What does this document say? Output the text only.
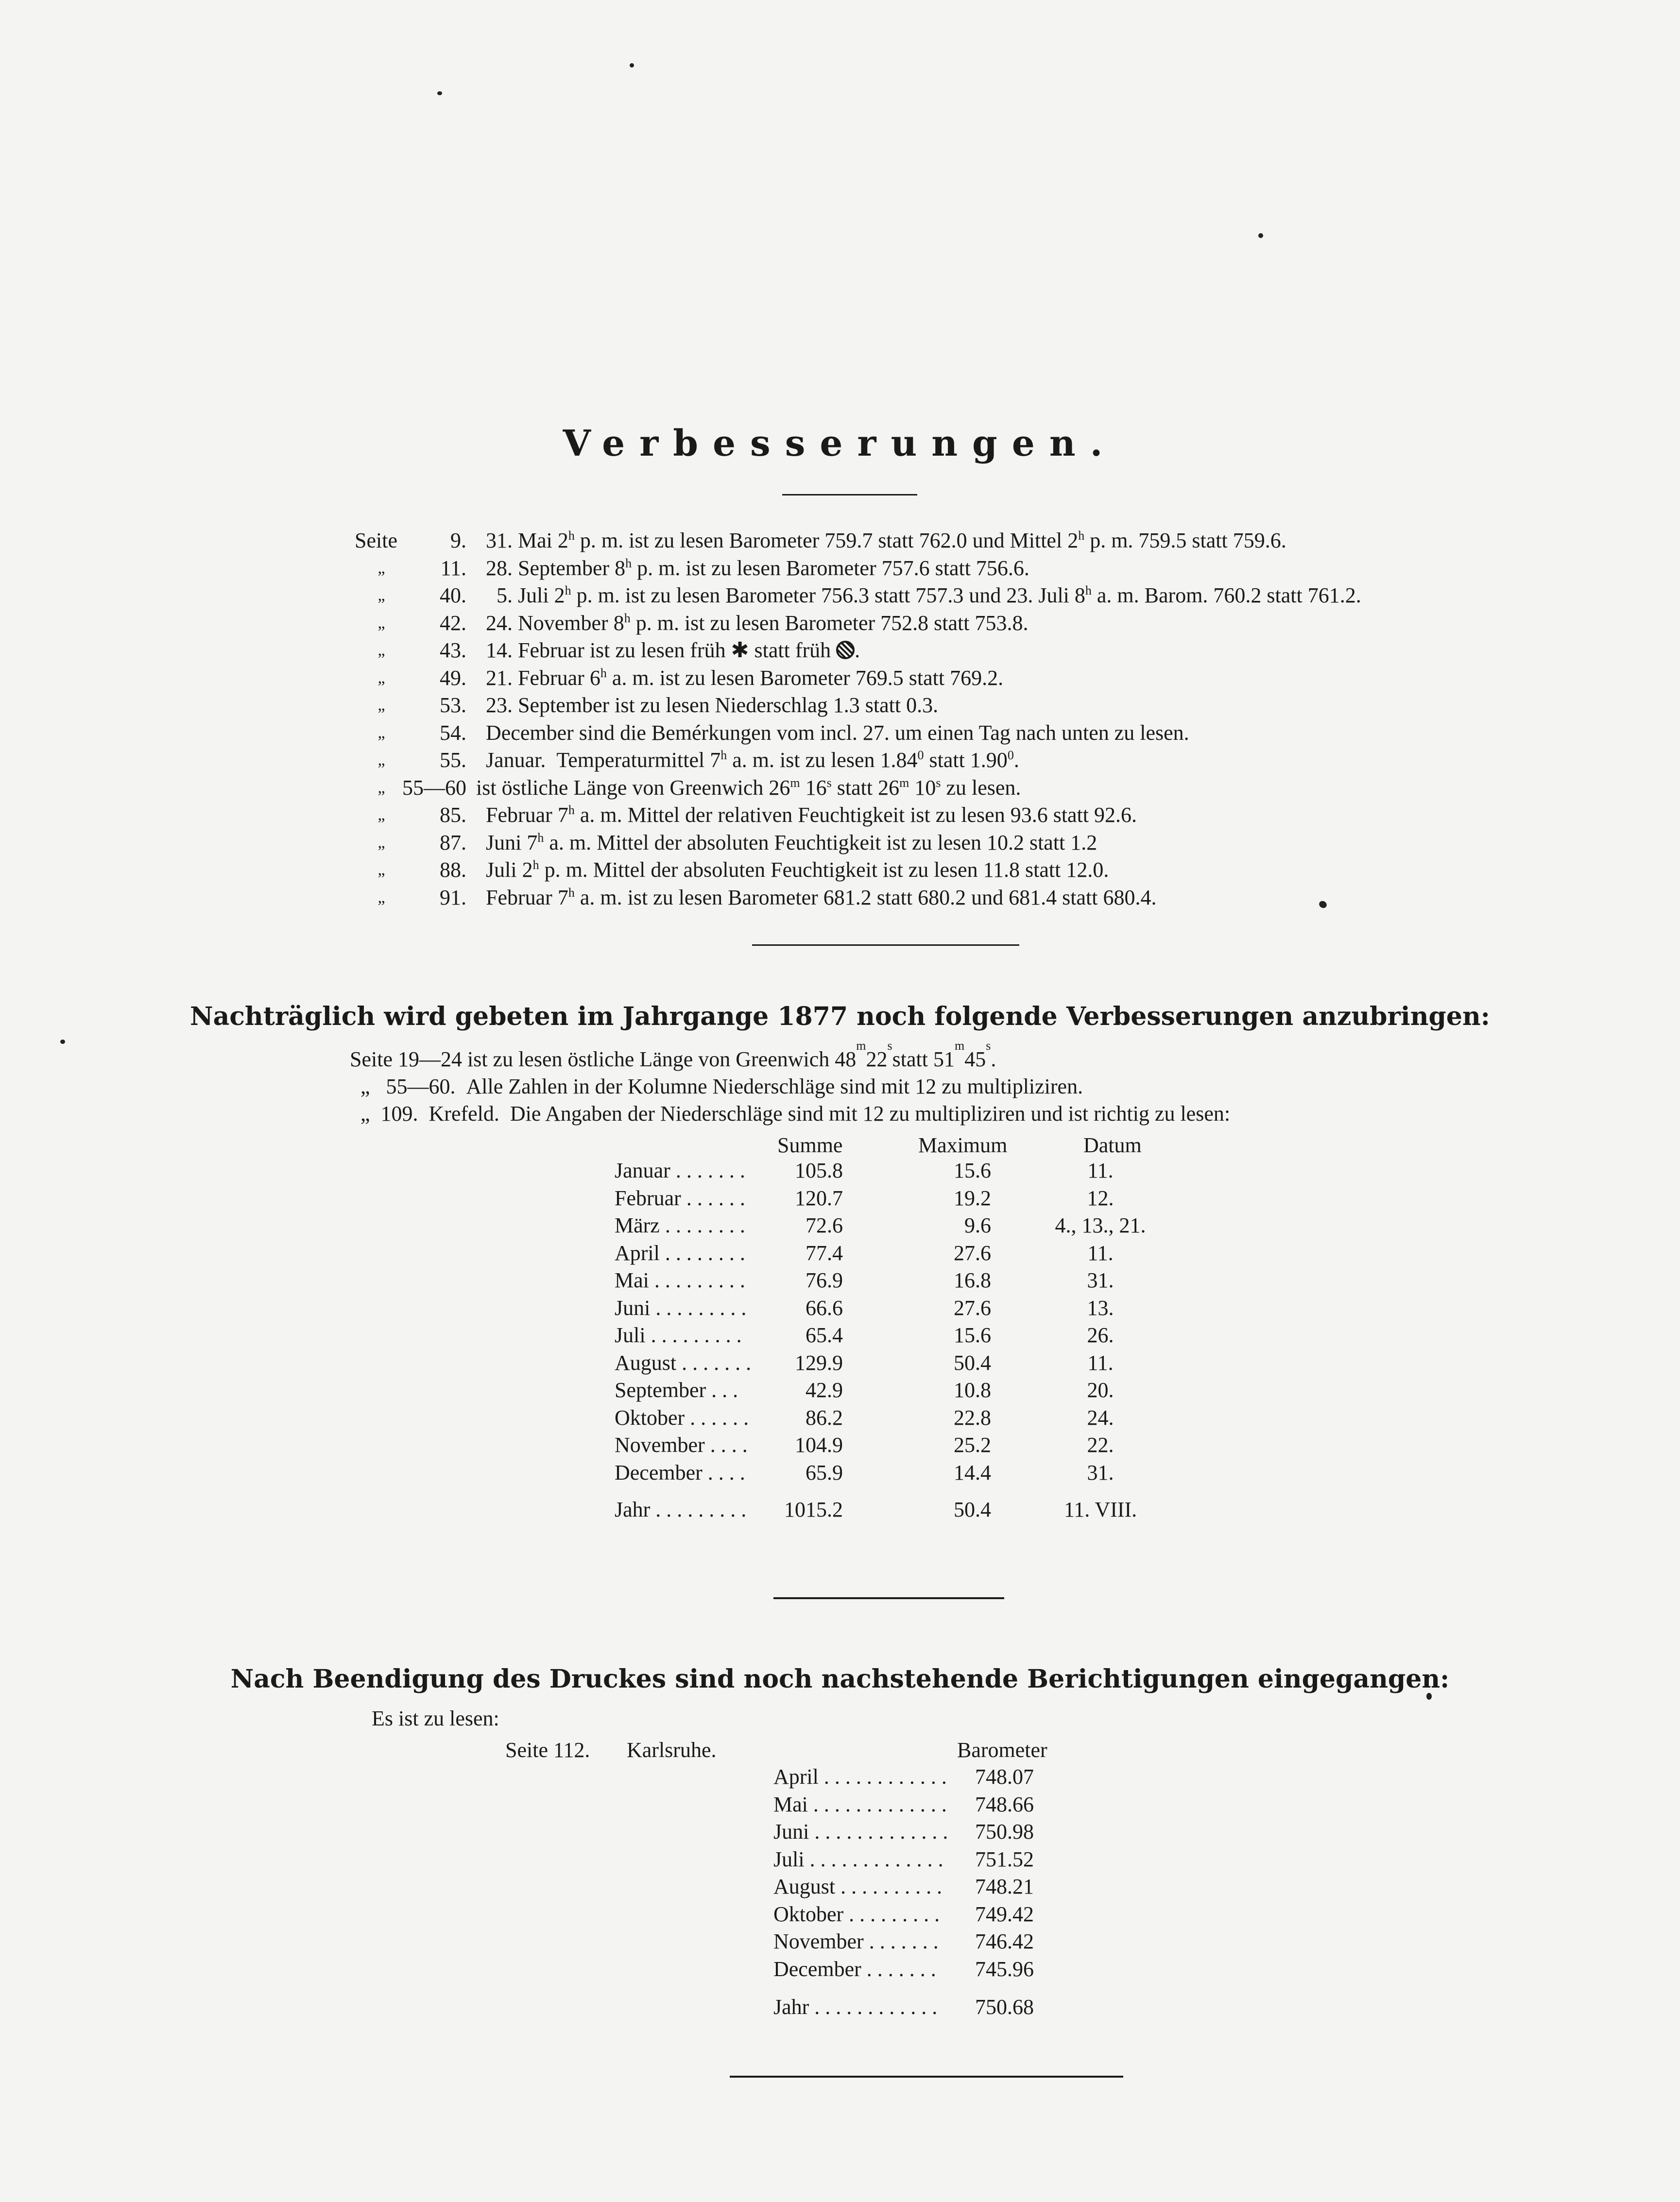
Verbesserungen.
Seite	9. 31. Mai 2$^h$ p. m. ist zu lesen Barometer 759.7 statt 762.0 und Mittel 2$^h$ p. m. 759.5 statt 759.6.
„	11. 28. September 8$^h$ p. m. ist zu lesen Barometer 757.6 statt 756.6.
„	40. 5. Juli 2$^h$ p. m. ist zu lesen Barometer 756.3 statt 757.3 und 23. Juli 8$^h$ a. m. Barom. 760.2 statt 761.2.
„	42. 24. November 8$^h$ p. m. ist zu lesen Barometer 752.8 statt 753.8.
„	43. 14. Februar ist zu lesen früh ✱ statt früh .
„	49. 21. Februar 6$^h$ a. m. ist zu lesen Barometer 769.5 statt 769.2.
„	53. 23. September ist zu lesen Niederschlag 1.3 statt 0.3.
„	54. December sind die Bemérkungen vom incl. 27. um einen Tag nach unten zu lesen.
„	55. Januar.  Temperaturmittel 7$^h$ a. m. ist zu lesen 1.84$^0$ statt 1.90$^0$.
„ 55—60 ist östliche Länge von Greenwich 26$^m$ 16$^s$ statt 26$^m$ 10$^s$ zu lesen.
„	85. Februar 7$^h$ a. m. Mittel der relativen Feuchtigkeit ist zu lesen 93.6 statt 92.6.
„	87. Juni 7$^h$ a. m. Mittel der absoluten Feuchtigkeit ist zu lesen 10.2 statt 1.2
„	88. Juli 2$^h$ p. m. Mittel der absoluten Feuchtigkeit ist zu lesen 11.8 statt 12.0.
„	91. Februar 7$^h$ a. m. ist zu lesen Barometer 681.2 statt 680.2 und 681.4 statt 680.4.
Nachträglich wird gebeten im Jahrgange 1877 noch folgende Verbesserungen anzubringen:
Seite 19—24 ist zu lesen östliche Länge von Greenwich 48
m
22
s
statt 51
m
45
s
.
„   55—60.  Alle Zahlen in der Kolumne Niederschläge sind mit 12 zu multipliziren.
„  109.  Krefeld.  Die Angaben der Niederschläge sind mit 12 zu multipliziren und ist richtig zu lesen:
Summe	Maximum	Datum
Januar . . . . . . . 105.8	15.6	11.
Februar . . . . . . 120.7	19.2	12.
März . . . . . . . .	72.6	9.6	4., 13., 21.
April . . . . . . . .	77.4	27.6	11.
Mai . . . . . . . . .	76.9	16.8	31.
Juni . . . . . . . . .	66.6	27.6	13.
Juli . . . . . . . . .	65.4	15.6	26.
August . . . . . . . 129.9	50.4	11.
September . . .	42.9	10.8	20.
Oktober . . . . . .	86.2	22.8	24.
November . . . . 104.9	25.2	22.
December . . . .	65.9	14.4	31.
Jahr . . . . . . . . . 1015.2	50.4	11. VIII.
Nach Beendigung des Druckes sind noch nachstehende Berichtigungen eingegangen:
Es ist zu lesen:
Seite 112. Karlsruhe.	Barometer
April . . . . . . . . . . . . 748.07
Mai . . . . . . . . . . . . . 748.66
Juni . . . . . . . . . . . . . 750.98
Juli . . . . . . . . . . . . . 751.52
August . . . . . . . . . . 748.21
Oktober . . . . . . . . . 749.42
November . . . . . . . 746.42
December . . . . . . . 745.96
Jahr . . . . . . . . . . . . 750.68
